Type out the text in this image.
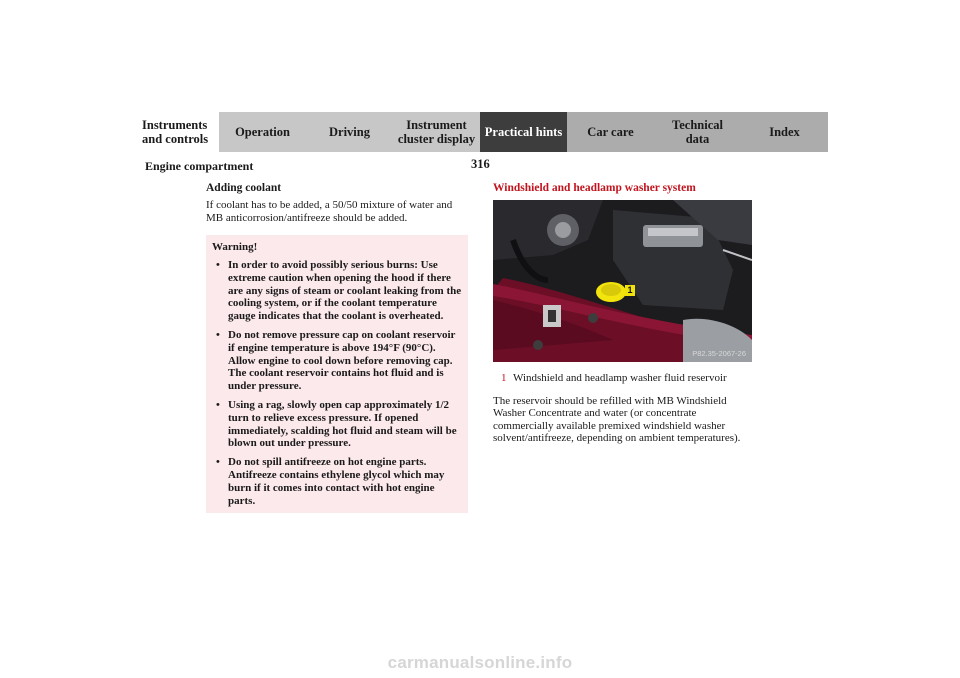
Instruments
and controls Operation	Driving	Instrument
cluster display Practical hints Car care	Technical
data	Index
Engine compartment	316
Adding coolant

If coolant has to be added, a 50/50 mixture of water and MB anticorrosion/antifreeze should be added.

Warning!
• In order to avoid possibly serious burns: Use extreme caution when opening the hood if there are any signs of steam or coolant leaking from the cooling system, or if the coolant temperature gauge indicates that the coolant is overheated.
• Do not remove pressure cap on coolant reservoir if engine temperature is above 194°F (90°C). Allow engine to cool down before removing cap. The coolant reservoir contains hot fluid and is under pressure.
• Using a rag, slowly open cap approximately 1/2 turn to relieve excess pressure. If opened immediately, scalding hot fluid and steam will be blown out under pressure.
• Do not spill antifreeze on hot engine parts. Antifreeze contains ethylene glycol which may burn if it comes into contact with hot engine parts.
Windshield and headlamp washer system
1
P82.35-2067-26
1 Windshield and headlamp washer fluid reservoir

The reservoir should be refilled with MB Windshield Washer Concentrate and water (or concentrate commercially available premixed windshield washer solvent/antifreeze, depending on ambient temperatures).

carmanualsonline.info
